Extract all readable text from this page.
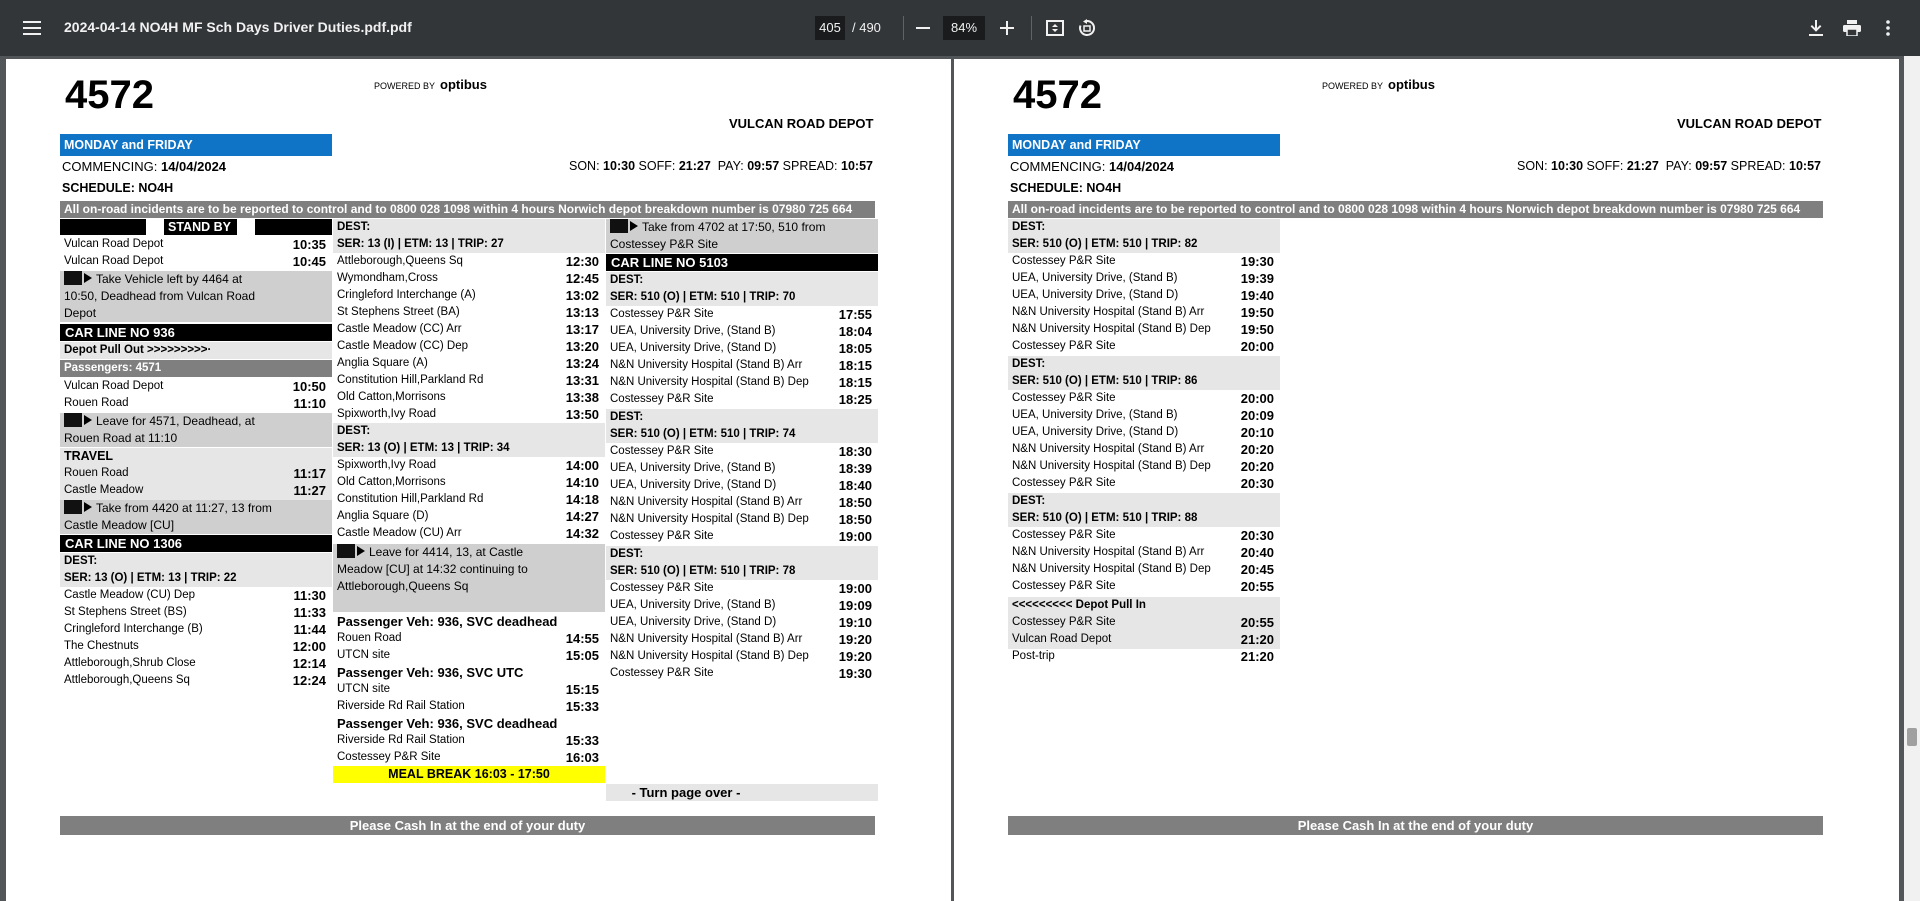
2024-04-14 NO4H MF Sch Days Driver Duties.pdf.pdf	405 / 490	84%
4572	POWERED BY optibus
VULCAN ROAD DEPOT
MONDAY and FRIDAY
COMMENCING: 14/04/2024	SON: 10:30 SOFF: 21:27 PAY: 09:57 SPREAD: 10:57
SCHEDULE: NO4H
All on-road incidents are to be reported to control and to 0800 028 1098 within 4 hours Norwich depot breakdown number is 07980 725 664
STAND BY
Vulcan Road Depot	10:35
Vulcan Road Depot	10:45
Take Vehicle left by 4464 at 10:50, Deadhead from Vulcan Road Depot
CAR LINE NO 936
Depot Pull Out >>>>>>>>>·
Passengers: 4571
Vulcan Road Depot	10:50
Rouen Road	11:10
Leave for 4571, Deadhead, at Rouen Road at 11:10
TRAVEL
Rouen Road	11:17
Castle Meadow	11:27
Take from 4420 at 11:27, 13 from Castle Meadow [CU]
CAR LINE NO 1306
DEST:
SER: 13 (O) | ETM: 13 | TRIP: 22
Castle Meadow (CU) Dep	11:30
St Stephens Street (BS)	11:33
Cringleford Interchange (B)	11:44
The Chestnuts	12:00
Attleborough,Shrub Close	12:14
Attleborough,Queens Sq	12:24
DEST:
SER: 13 (I) | ETM: 13 | TRIP: 27
Attleborough,Queens Sq	12:30
Wymondham,Cross	12:45
Cringleford Interchange (A)	13:02
St Stephens Street (BA)	13:13
Castle Meadow (CC) Arr	13:17
Castle Meadow (CC) Dep	13:20
Anglia Square (A)	13:24
Constitution Hill,Parkland Rd	13:31
Old Catton,Morrisons	13:38
Spixworth,Ivy Road	13:50
DEST:
SER: 13 (O) | ETM: 13 | TRIP: 34
Spixworth,Ivy Road	14:00
Old Catton,Morrisons	14:10
Constitution Hill,Parkland Rd	14:18
Anglia Square (D)	14:27
Castle Meadow (CU) Arr	14:32
Leave for 4414, 13, at Castle Meadow [CU] at 14:32 continuing to Attleborough,Queens Sq
Passenger Veh: 936, SVC deadhead
Rouen Road	14:55
UTCN site	15:05
Passenger Veh: 936, SVC UTC
UTCN site	15:15
Riverside Rd Rail Station	15:33
Passenger Veh: 936, SVC deadhead
Riverside Rd Rail Station	15:33
Costessey P&R Site	16:03
MEAL BREAK 16:03 - 17:50
Take from 4702 at 17:50, 510 from Costessey P&R Site
CAR LINE NO 5103
DEST:
SER: 510 (O) | ETM: 510 | TRIP: 70
Costessey P&R Site	17:55
UEA, University Drive, (Stand B)	18:04
UEA, University Drive, (Stand D)	18:05
N&N University Hospital (Stand B) Arr	18:15
N&N University Hospital (Stand B) Dep 18:15
Costessey P&R Site	18:25
DEST:
SER: 510 (O) | ETM: 510 | TRIP: 74
Costessey P&R Site	18:30
UEA, University Drive, (Stand B)	18:39
UEA, University Drive, (Stand D)	18:40
N&N University Hospital (Stand B) Arr	18:50
N&N University Hospital (Stand B) Dep 18:50
Costessey P&R Site	19:00
DEST:
SER: 510 (O) | ETM: 510 | TRIP: 78
Costessey P&R Site	19:00
UEA, University Drive, (Stand B)	19:09
UEA, University Drive, (Stand D)	19:10
N&N University Hospital (Stand B) Arr	19:20
N&N University Hospital (Stand B) Dep 19:20
Costessey P&R Site	19:30
- Turn page over -
Please Cash In at the end of your duty
4572	POWERED BY optibus
VULCAN ROAD DEPOT
MONDAY and FRIDAY
COMMENCING: 14/04/2024	SON: 10:30 SOFF: 21:27 PAY: 09:57 SPREAD: 10:57
SCHEDULE: NO4H
All on-road incidents are to be reported to control and to 0800 028 1098 within 4 hours Norwich depot breakdown number is 07980 725 664
DEST:
SER: 510 (O) | ETM: 510 | TRIP: 82
Costessey P&R Site	19:30
UEA, University Drive, (Stand B)	19:39
UEA, University Drive, (Stand D)	19:40
N&N University Hospital (Stand B) Arr	19:50
N&N University Hospital (Stand B) Dep 19:50
Costessey P&R Site	20:00
DEST:
SER: 510 (O) | ETM: 510 | TRIP: 86
Costessey P&R Site	20:00
UEA, University Drive, (Stand B)	20:09
UEA, University Drive, (Stand D)	20:10
N&N University Hospital (Stand B) Arr	20:20
N&N University Hospital (Stand B) Dep 20:20
Costessey P&R Site	20:30
DEST:
SER: 510 (O) | ETM: 510 | TRIP: 88
Costessey P&R Site	20:30
N&N University Hospital (Stand B) Arr	20:40
N&N University Hospital (Stand B) Dep 20:45
Costessey P&R Site	20:55
<<<<<<<<< Depot Pull In
Costessey P&R Site	20:55
Vulcan Road Depot	21:20
Post-trip	21:20
Please Cash In at the end of your duty
